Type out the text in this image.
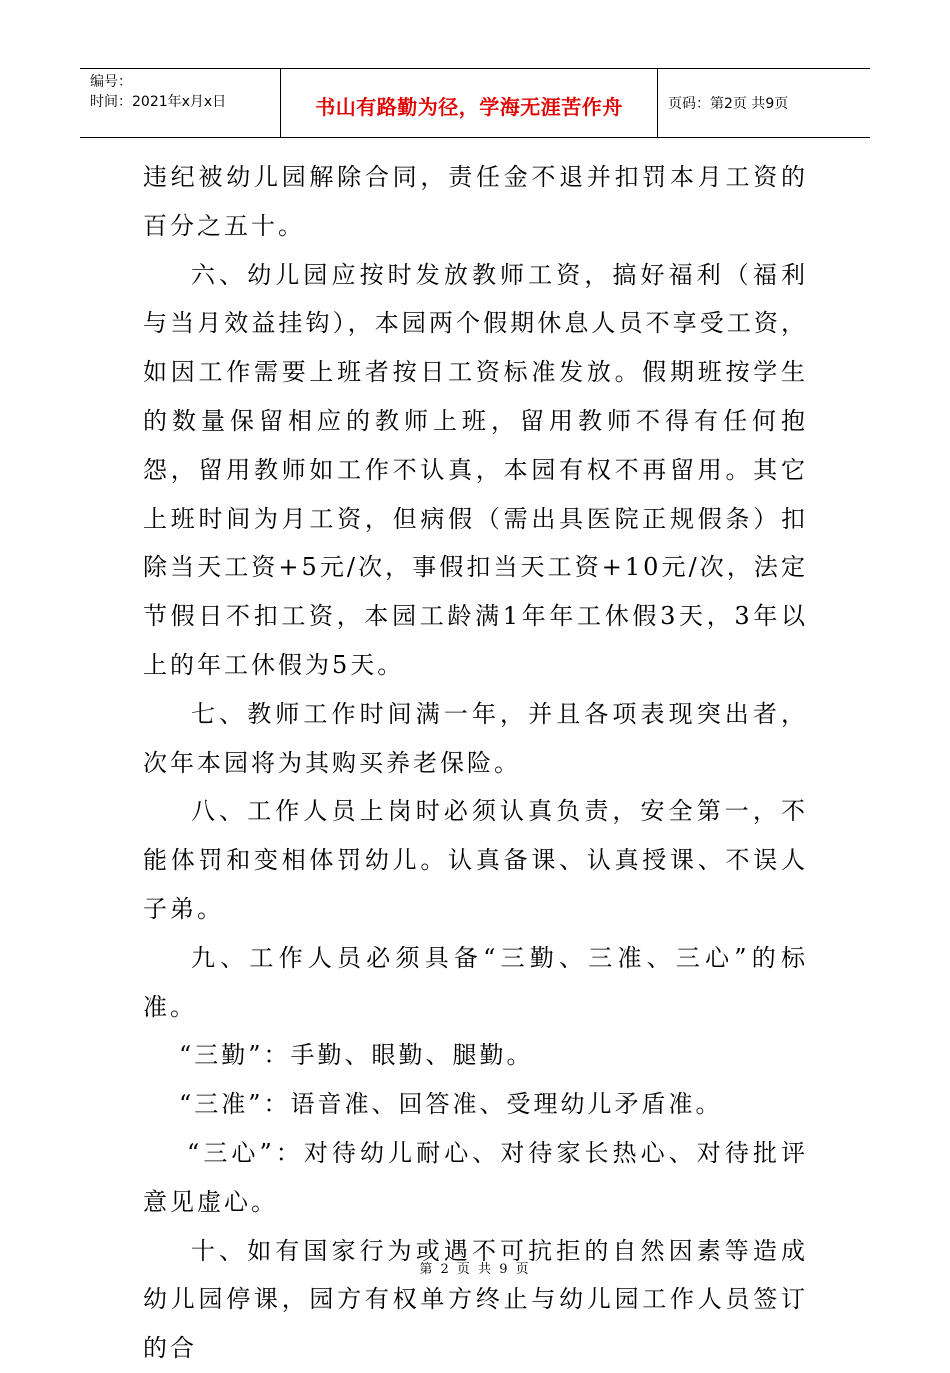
编号：
时间：2021年x月x日	书山有路勤为径，学海无涯苦作舟	页码：第2页 共9页

违纪被幼儿园解除合同，责任金不退并扣罚本月工资的百分之五十。

六、幼儿园应按时发放教师工资，搞好福利（福利与当月效益挂钩），本园两个假期休息人员不享受工资，如因工作需要上班者按日工资标准发放。假期班按学生的数量保留相应的教师上班，留用教师不得有任何抱怨，留用教师如工作不认真，本园有权不再留用。其它上班时间为月工资，但病假（需出具医院正规假条）扣除当天工资+5元/次，事假扣当天工资+10元/次，法定节假日不扣工资，本园工龄满1年年工休假3天，3年以上的年工休假为5天。

七、教师工作时间满一年，并且各项表现突出者，次年本园将为其购买养老保险。

八、工作人员上岗时必须认真负责，安全第一，不能体罚和变相体罚幼儿。认真备课、认真授课、不误人子弟。

九、工作人员必须具备“三勤、三准、三心”的标准。

“三勤”：手勤、眼勤、腿勤。

“三准”：语音准、回答准、受理幼儿矛盾准。

“三心”：对待幼儿耐心、对待家长热心、对待批评意见虚心。

十、如有国家行为或遇不可抗拒的自然因素等造成幼儿园停课，园方有权单方终止与幼儿园工作人员签订的合

第 2 页 共 9 页
